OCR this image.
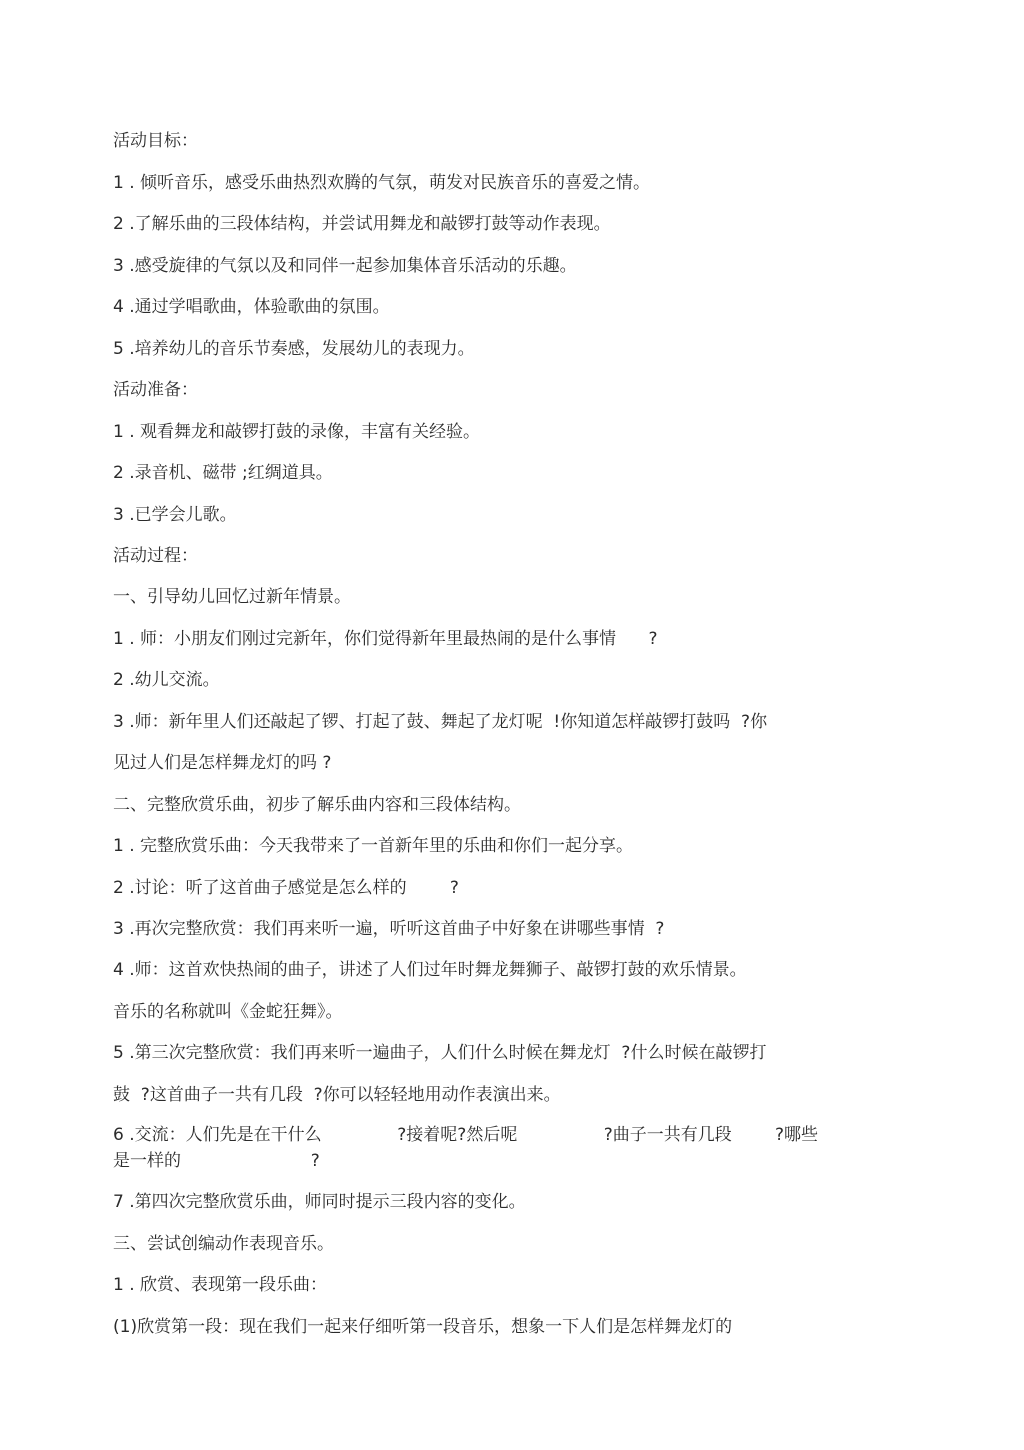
活动目标：
1 . 倾听音乐，感受乐曲热烈欢腾的气氛，萌发对民族音乐的喜爱之情。
2 .了解乐曲的三段体结构，并尝试用舞龙和敲锣打鼓等动作表现。
3 .感受旋律的气氛以及和同伴一起参加集体音乐活动的乐趣。
4 .通过学唱歌曲，体验歌曲的氛围。
5 .培养幼儿的音乐节奏感，发展幼儿的表现力。
活动准备：
1 . 观看舞龙和敲锣打鼓的录像，丰富有关经验。
2 .录音机、磁带 ;红绸道具。
3 .已学会儿歌。
活动过程：
一、引导幼儿回忆过新年情景。
1 . 师：小朋友们刚过完新年，你们觉得新年里最热闹的是什么事情      ?
2 .幼儿交流。
3 .师：新年里人们还敲起了锣、打起了鼓、舞起了龙灯呢  !你知道怎样敲锣打鼓吗  ?你
见过人们是怎样舞龙灯的吗 ?
二、完整欣赏乐曲，初步了解乐曲内容和三段体结构。
1 . 完整欣赏乐曲：今天我带来了一首新年里的乐曲和你们一起分享。
2 .讨论：听了这首曲子感觉是怎么样的        ?
3 .再次完整欣赏：我们再来听一遍，听听这首曲子中好象在讲哪些事情  ?
4 .师：这首欢快热闹的曲子，讲述了人们过年时舞龙舞狮子、敲锣打鼓的欢乐情景。
音乐的名称就叫《金蛇狂舞》。
5 .第三次完整欣赏：我们再来听一遍曲子，人们什么时候在舞龙灯  ?什么时候在敲锣打
鼓  ?这首曲子一共有几段  ?你可以轻轻地用动作表演出来。
6 .交流：人们先是在干什么              ?接着呢?然后呢                ?曲子一共有几段        ?哪些
是一样的                        ?
7 .第四次完整欣赏乐曲，师同时提示三段内容的变化。
三、尝试创编动作表现音乐。
1 . 欣赏、表现第一段乐曲：
(1)欣赏第一段：现在我们一起来仔细听第一段音乐，想象一下人们是怎样舞龙灯的
